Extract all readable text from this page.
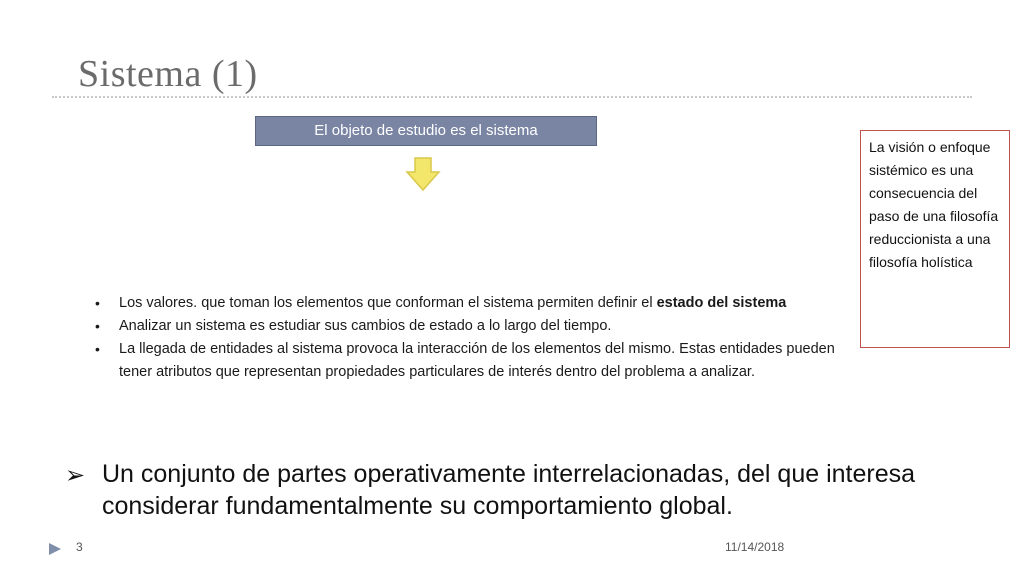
Sistema (1)
El objeto de estudio es el sistema
La visión o enfoque sistémico es una consecuencia del paso de una filosofía reduccionista a una filosofía holística
• Los valores. que toman los elementos que conforman el sistema permiten definir el estado del sistema
• Analizar un sistema es estudiar sus cambios de estado a lo largo del tiempo.
• La llegada de entidades al sistema provoca la interacción de los elementos del mismo. Estas entidades pueden tener atributos que representan propiedades particulares de interés dentro del problema a analizar.
➢ Un conjunto de partes operativamente interrelacionadas, del que interesa considerar fundamentalmente su comportamiento global.
3	11/14/2018
